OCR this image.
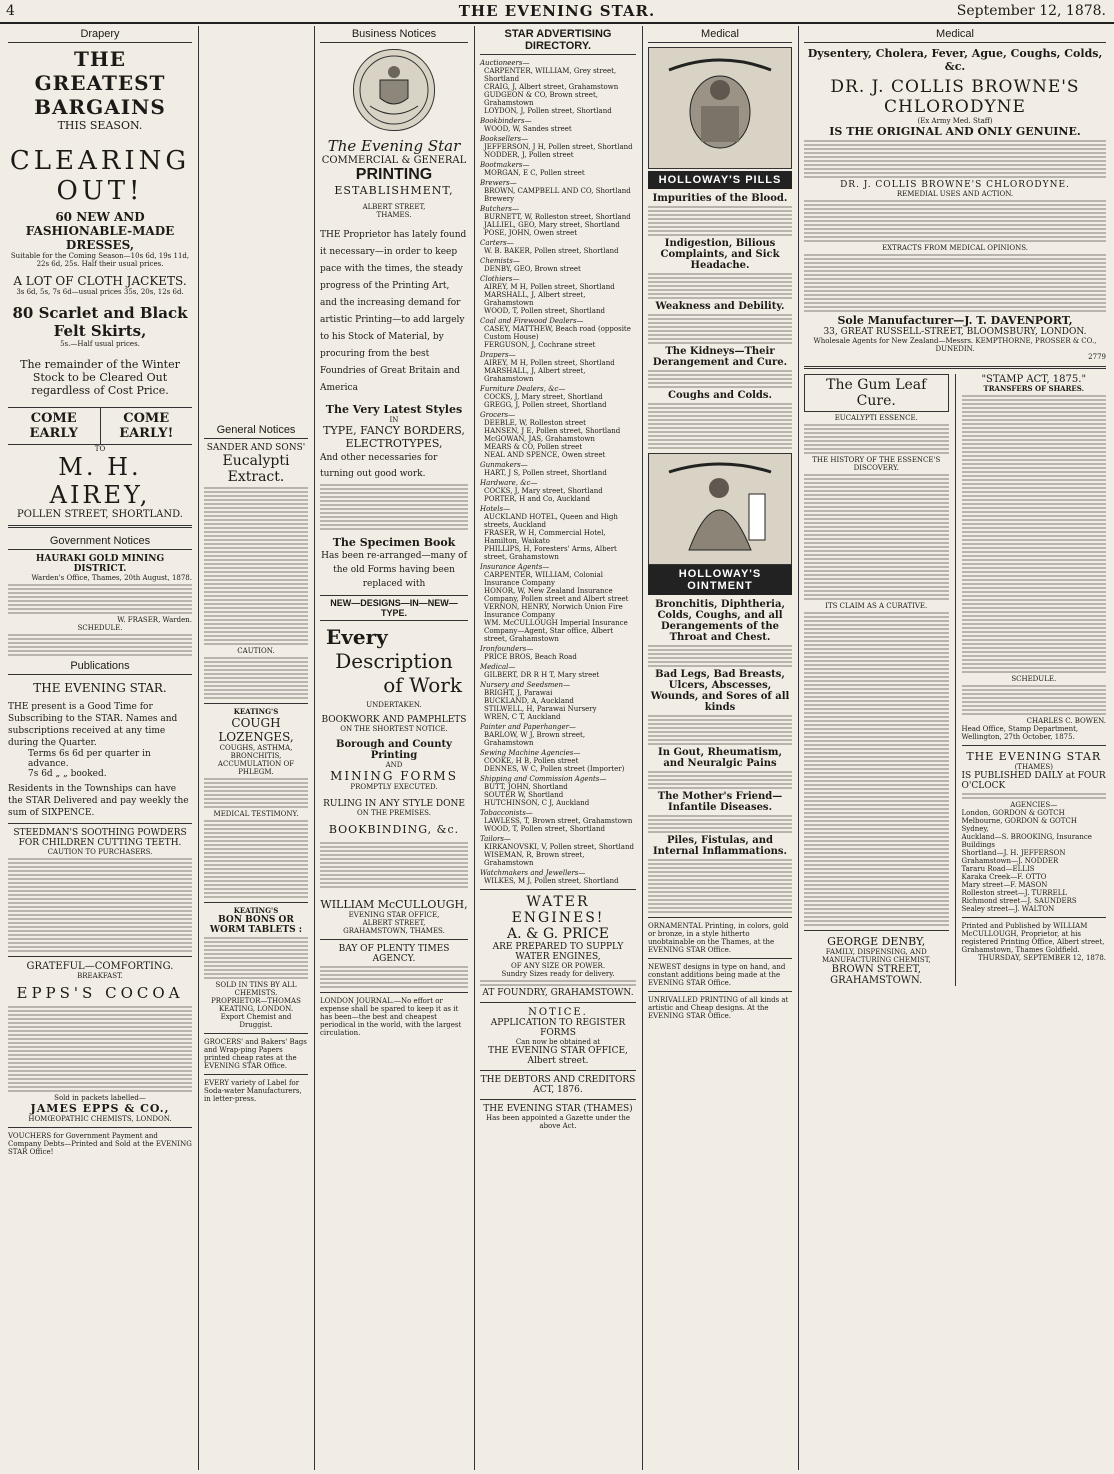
4	THE EVENING STAR.	September 12, 1878.
Drapery
THE GREATEST BARGAINS
THIS SEASON.
CLEARING OUT!
60 NEW AND FASHIONABLE-MADE DRESSES,
Suitable for the Coming Season—10s 6d, 19s 11d, 22s 6d, 25s. Half their usual prices.
A LOT OF CLOTH JACKETS.
3s 6d, 5s, 7s 6d—usual prices 35s, 20s, 12s 6d.
80 Scarlet and Black Felt Skirts,
5s.—Half usual prices.
The remainder of the Winter Stock to be Cleared Out regardless of Cost Price.
COME EARLY
COME EARLY!
TO
M. H. AIREY,
POLLEN STREET, SHORTLAND.
Government Notices
HAURAKI GOLD MINING DISTRICT.
Warden's Office, Thames, 20th August, 1878.
W. FRASER, Warden.
SCHEDULE.
Publications
THE EVENING STAR.
THE present is a Good Time for Subscribing to the STAR. Names and subscriptions received at any time during the Quarter.
Terms 6s 6d per quarter in advance.
7s 6d „ „ booked.
Residents in the Townships can have the STAR Delivered and pay weekly the sum of SIXPENCE.
STEEDMAN'S SOOTHING POWDERS FOR CHILDREN CUTTING TEETH.
CAUTION TO PURCHASERS.
GRATEFUL—COMFORTING.
BREAKFAST.
EPPS'S COCOA
Sold in packets labelled—
JAMES EPPS & CO.,
HOMŒOPATHIC CHEMISTS, LONDON.
VOUCHERS for Government Payment and Company Debts—Printed and Sold at the EVENING STAR Office!
General Notices
SANDER AND SONS'
Eucalypti Extract.
CAUTION.
KEATING'S
COUGH LOZENGES,
COUGHS, ASTHMA, BRONCHITIS, ACCUMULATION OF PHLEGM.
MEDICAL TESTIMONY.
KEATING'S
BON BONS OR WORM TABLETS :
SOLD IN TINS BY ALL CHEMISTS.
PROPRIETOR—THOMAS KEATING, LONDON.
Export Chemist and Druggist.
GROCERS' and Bakers' Bags and Wrap-ping Papers printed cheap rates at the EVENING STAR Office.
EVERY variety of Label for Soda-water Manufacturers, in letter-press.
Business Notices
The Evening Star
COMMERCIAL & GENERAL
PRINTING
ESTABLISHMENT,
ALBERT STREET,
THAMES.
THE Proprietor has lately found it necessary—in order to keep pace with the times, the steady progress of the Printing Art, and the increasing demand for artistic Printing—to add largely to his Stock of Material, by procuring from the best Foundries of Great Britain and America
The Very Latest Styles
IN
TYPE, FANCY BORDERS, ELECTROTYPES,
And other necessaries for turning out good work.
The Specimen Book
Has been re-arranged—many of the old Forms having been replaced with
NEW—DESIGNS—IN—NEW—TYPE.
Every
Description
of Work
UNDERTAKEN.
BOOKWORK AND PAMPHLETS
ON THE SHORTEST NOTICE.
Borough and County Printing
AND
MINING FORMS
PROMPTLY EXECUTED.
RULING IN ANY STYLE DONE
ON THE PREMISES.
BOOKBINDING, &c.
WILLIAM McCULLOUGH,
EVENING STAR OFFICE,
ALBERT STREET,
GRAHAMSTOWN, THAMES.
BAY OF PLENTY TIMES AGENCY.
LONDON JOURNAL.—No effort or expense shall be spared to keep it as it has been—the best and cheapest periodical in the world, with the largest circulation.
STAR ADVERTISING DIRECTORY.
Auctioneers—
CARPENTER, WILLIAM, Grey street, Shortland
CRAIG, J, Albert street, Grahamstown
GUDGEON & CO, Brown street, Grahamstown
LOYDON, J, Pollen street, Shortland
Bookbinders—
WOOD, W, Sandes street
Booksellers—
JEFFERSON, J H, Pollen street, Shortland
NODDER, J, Pollen street
Bootmakers—
MORGAN, E C, Pollen street
Brewers—
BROWN, CAMPBELL AND CO, Shortland Brewery
Butchers—
BURNETT, W, Rolleston street, Shortland
JALLIEL, GEO, Mary street, Shortland
POSE, JOHN, Owen street
Carters—
W. B. BAKER, Pollen street, Shortland
Chemists—
DENBY, GEO, Brown street
Clothiers—
AIREY, M H, Pollen street, Shortland
MARSHALL, J, Albert street, Grahamstown
WOOD, T, Pollen street, Shortland
Coal and Firewood Dealers—
CASEY, MATTHEW, Beach road (opposite Custom House)
FERGUSON, J, Cochrane street
Drapers—
AIREY, M H, Pollen street, Shortland
MARSHALL, J, Albert street, Grahamstown
Furniture Dealers, &c—
COCKS, J, Mary street, Shortland
GREGG, J, Pollen street, Shortland
Grocers—
DEEBLE, W, Rolleston street
HANSEN, J E, Pollen street, Shortland
McGOWAN, JAS, Grahamstown
MEARS & CO, Pollen street
NEAL AND SPENCE, Owen street
Gunmakers—
HART, J S, Pollen street, Shortland
Hardware, &c—
COCKS, J, Mary street, Shortland
PORTER, H and Co, Auckland
Hotels—
AUCKLAND HOTEL, Queen and High streets, Auckland
FRASER, W H, Commercial Hotel, Hamilton, Waikato
PHILLIPS, H, Foresters' Arms, Albert street, Grahamstown
Insurance Agents—
CARPENTER, WILLIAM, Colonial Insurance Company
HONOR, W, New Zealand Insurance Company, Pollen street and Albert street
VERNON, HENRY, Norwich Union Fire Insurance Company
WM. McCULLOUGH Imperial Insurance Company—Agent, Star office, Albert street, Grahamstown
Ironfounders—
PRICE BROS, Beach Road
Medical—
GILBERT, DR R H T, Mary street
Nursery and Seedsmen—
BRIGHT, J, Parawai
BUCKLAND, A, Auckland
STILWELL, H, Parawai Nursery
WREN, C T, Auckland
Painter and Paperhanger—
BARLOW, W J, Brown street, Grahamstown
Sewing Machine Agencies—
COOKE, H B, Pollen street
DENNES, W C, Pollen street (Importer)
Shipping and Commission Agents—
BUTT, JOHN, Shortland
SOUTER W, Shortland
HUTCHINSON, C J, Auckland
Tobacconists—
LAWLESS, T, Brown street, Grahamstown
WOOD, T, Pollen street, Shortland
Tailors—
KIRKANOVSKI, V, Pollen street, Shortland
WISEMAN, R, Brown street, Grahamstown
Watchmakers and Jewellers—
WILKES, M J, Pollen street, Shortland
WATER ENGINES!
A. & G. PRICE
ARE PREPARED TO SUPPLY
WATER ENGINES,
OF ANY SIZE OR POWER.
Sundry Sizes ready for delivery.
AT FOUNDRY, GRAHAMSTOWN.
NOTICE.
APPLICATION TO REGISTER FORMS
Can now be obtained at
THE EVENING STAR OFFICE, Albert street.
THE DEBTORS AND CREDITORS ACT, 1876.
THE EVENING STAR (THAMES)
Has been appointed a Gazette under the above Act.
Medical
HOLLOWAY'S PILLS
Impurities of the Blood.
Indigestion, Bilious Complaints, and Sick Headache.
Weakness and Debility.
The Kidneys—Their Derangement and Cure.
Coughs and Colds.
HOLLOWAY'S OINTMENT
Bronchitis, Diphtheria, Colds, Coughs, and all Derangements of the Throat and Chest.
Bad Legs, Bad Breasts, Ulcers, Abscesses, Wounds, and Sores of all kinds
In Gout, Rheumatism, and Neuralgic Pains
The Mother's Friend—Infantile Diseases.
Piles, Fistulas, and Internal Inflammations.
ORNAMENTAL Printing, in colors, gold or bronze, in a style hitherto unobtainable on the Thames, at the EVENING STAR Office.
NEWEST designs in type on hand, and constant additions being made at the EVENING STAR Office.
UNRIVALLED PRINTING of all kinds at artistic and Cheap designs. At the EVENING STAR Office.
Medical
Dysentery, Cholera, Fever, Ague, Coughs, Colds, &c.
DR. J. COLLIS BROWNE'S CHLORODYNE
(Ex Army Med. Staff)
IS THE ORIGINAL AND ONLY GENUINE.
DR. J. COLLIS BROWNE'S CHLORODYNE.
REMEDIAL USES AND ACTION.
EXTRACTS FROM MEDICAL OPINIONS.
Sole Manufacturer—J. T. DAVENPORT,
33, GREAT RUSSELL-STREET, BLOOMSBURY, LONDON.
Wholesale Agents for New Zealand—Messrs. KEMPTHORNE, PROSSER & CO., DUNEDIN.
2779
The Gum Leaf Cure.
EUCALYPTI ESSENCE.
THE HISTORY OF THE ESSENCE'S DISCOVERY.
ITS CLAIM AS A CURATIVE.
GEORGE DENBY,
FAMILY, DISPENSING, AND MANUFACTURING CHEMIST,
BROWN STREET, GRAHAMSTOWN.
"STAMP ACT, 1875."
TRANSFERS OF SHARES.
SCHEDULE.
CHARLES C. BOWEN.
Head Office, Stamp Department, Wellington, 27th October, 1875.
THE EVENING STAR
(THAMES)
IS PUBLISHED DAILY at FOUR O'CLOCK
AGENCIES—
London, GORDON & GOTCH
Melbourne, GORDON & GOTCH
Sydney,
Auckland—S. BROOKING, Insurance Buildings
Shortland—J. H. JEFFERSON
Grahamstown—J. NODDER
Tararu Road—ELLIS
Karaka Creek—F. OTTO
Mary street—F. MASON
Rolleston street—J. TURRELL
Richmond street—J. SAUNDERS
Sealey street—J. WALTON
Printed and Published by WILLIAM McCULLOUGH, Proprietor, at his registered Printing Office, Albert street, Grahamstown, Thames Goldfield.
THURSDAY, SEPTEMBER 12, 1878.
